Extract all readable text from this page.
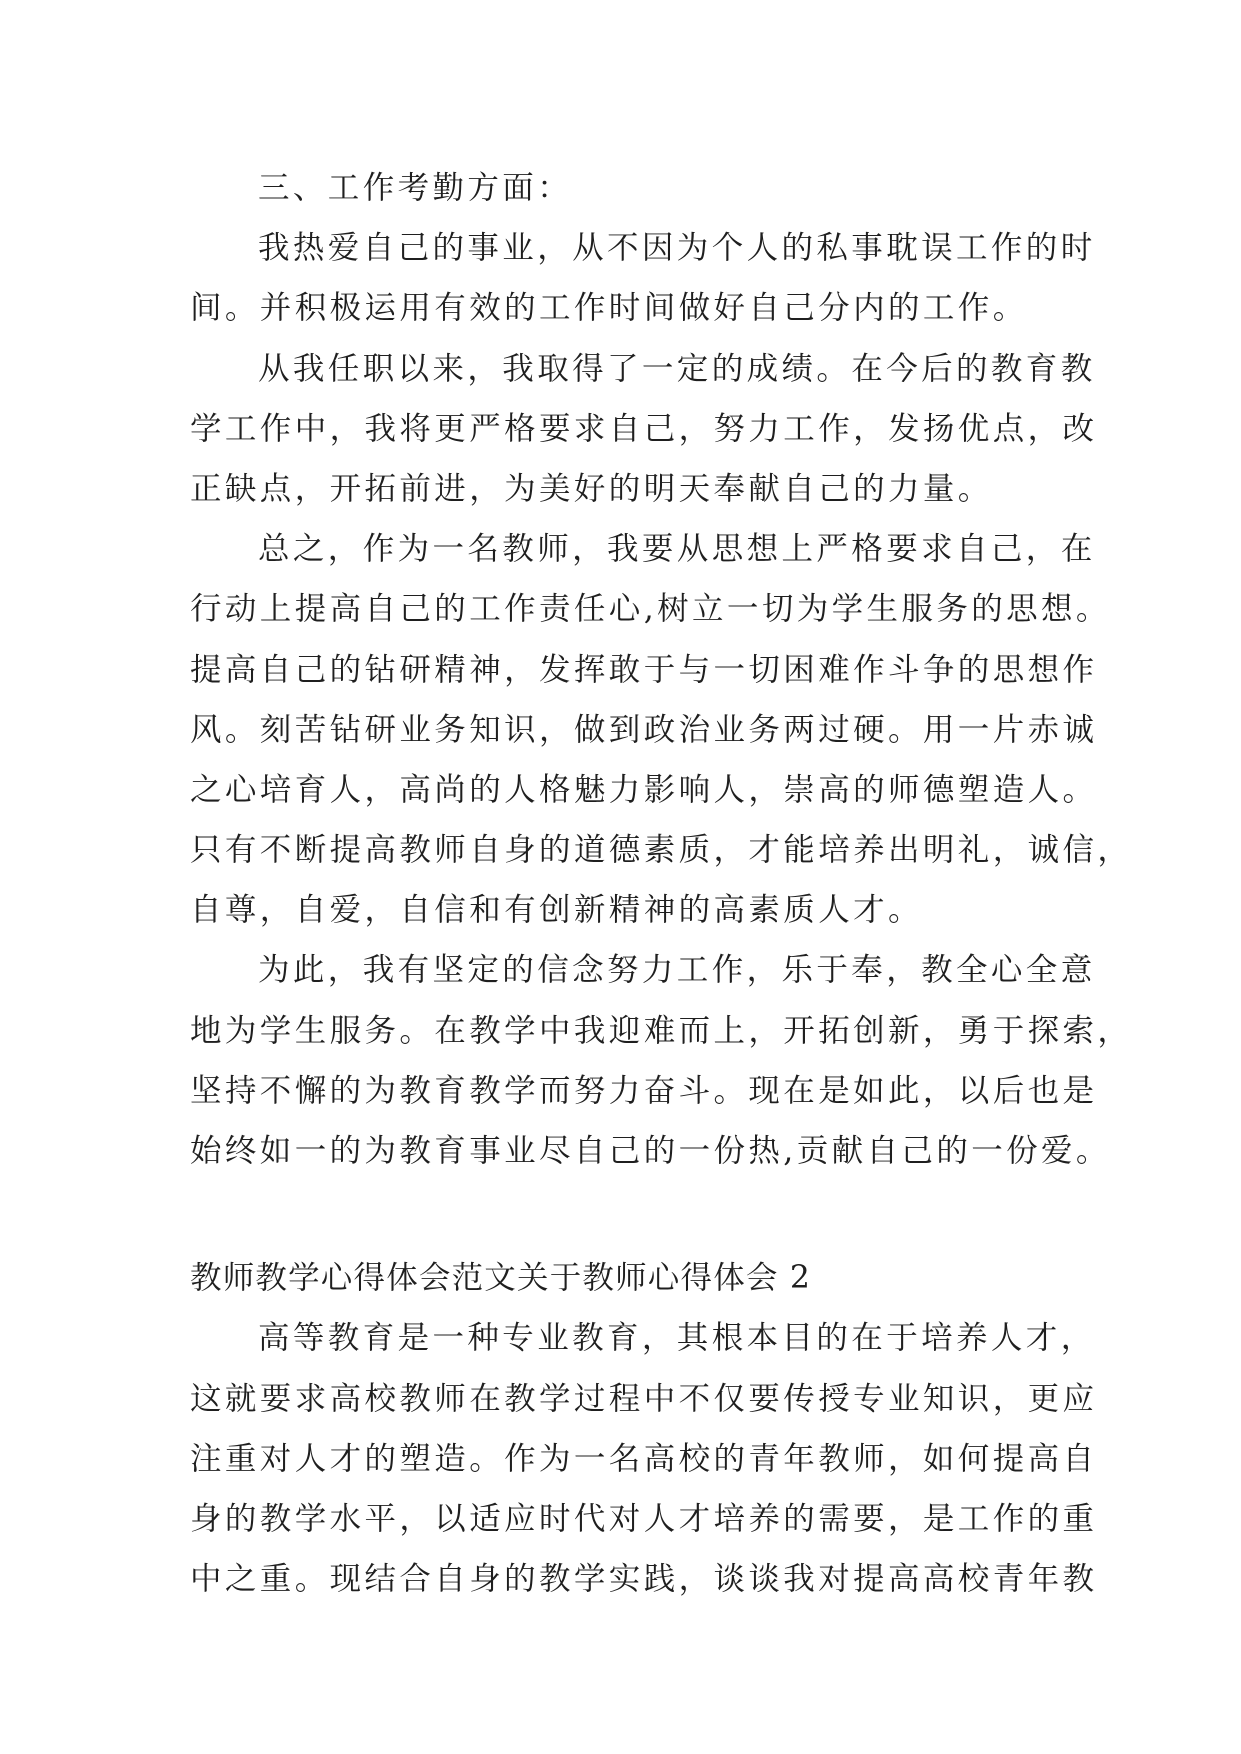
三、工作考勤方面：
我热爱自己的事业，从不因为个人的私事耽误工作的时
间。并积极运用有效的工作时间做好自己分内的工作。
从我任职以来，我取得了一定的成绩。在今后的教育教
学工作中，我将更严格要求自己，努力工作，发扬优点，改
正缺点，开拓前进，为美好的明天奉献自己的力量。
总之，作为一名教师，我要从思想上严格要求自己，在
行动上提高自己的工作责任心,树立一切为学生服务的思想。
提高自己的钻研精神，发挥敢于与一切困难作斗争的思想作
风。刻苦钻研业务知识，做到政治业务两过硬。用一片赤诚
之心培育人，高尚的人格魅力影响人，崇高的师德塑造人。
只有不断提高教师自身的道德素质，才能培养出明礼，诚信，
自尊，自爱，自信和有创新精神的高素质人才。
为此，我有坚定的信念努力工作，乐于奉，教全心全意
地为学生服务。在教学中我迎难而上，开拓创新，勇于探索，
坚持不懈的为教育教学而努力奋斗。现在是如此，以后也是
始终如一的为教育事业尽自己的一份热,贡献自己的一份爱。
教师教学心得体会范文关于教师心得体会 2
高等教育是一种专业教育，其根本目的在于培养人才，
这就要求高校教师在教学过程中不仅要传授专业知识，更应
注重对人才的塑造。作为一名高校的青年教师，如何提高自
身的教学水平，以适应时代对人才培养的需要，是工作的重
中之重。现结合自身的教学实践，谈谈我对提高高校青年教
